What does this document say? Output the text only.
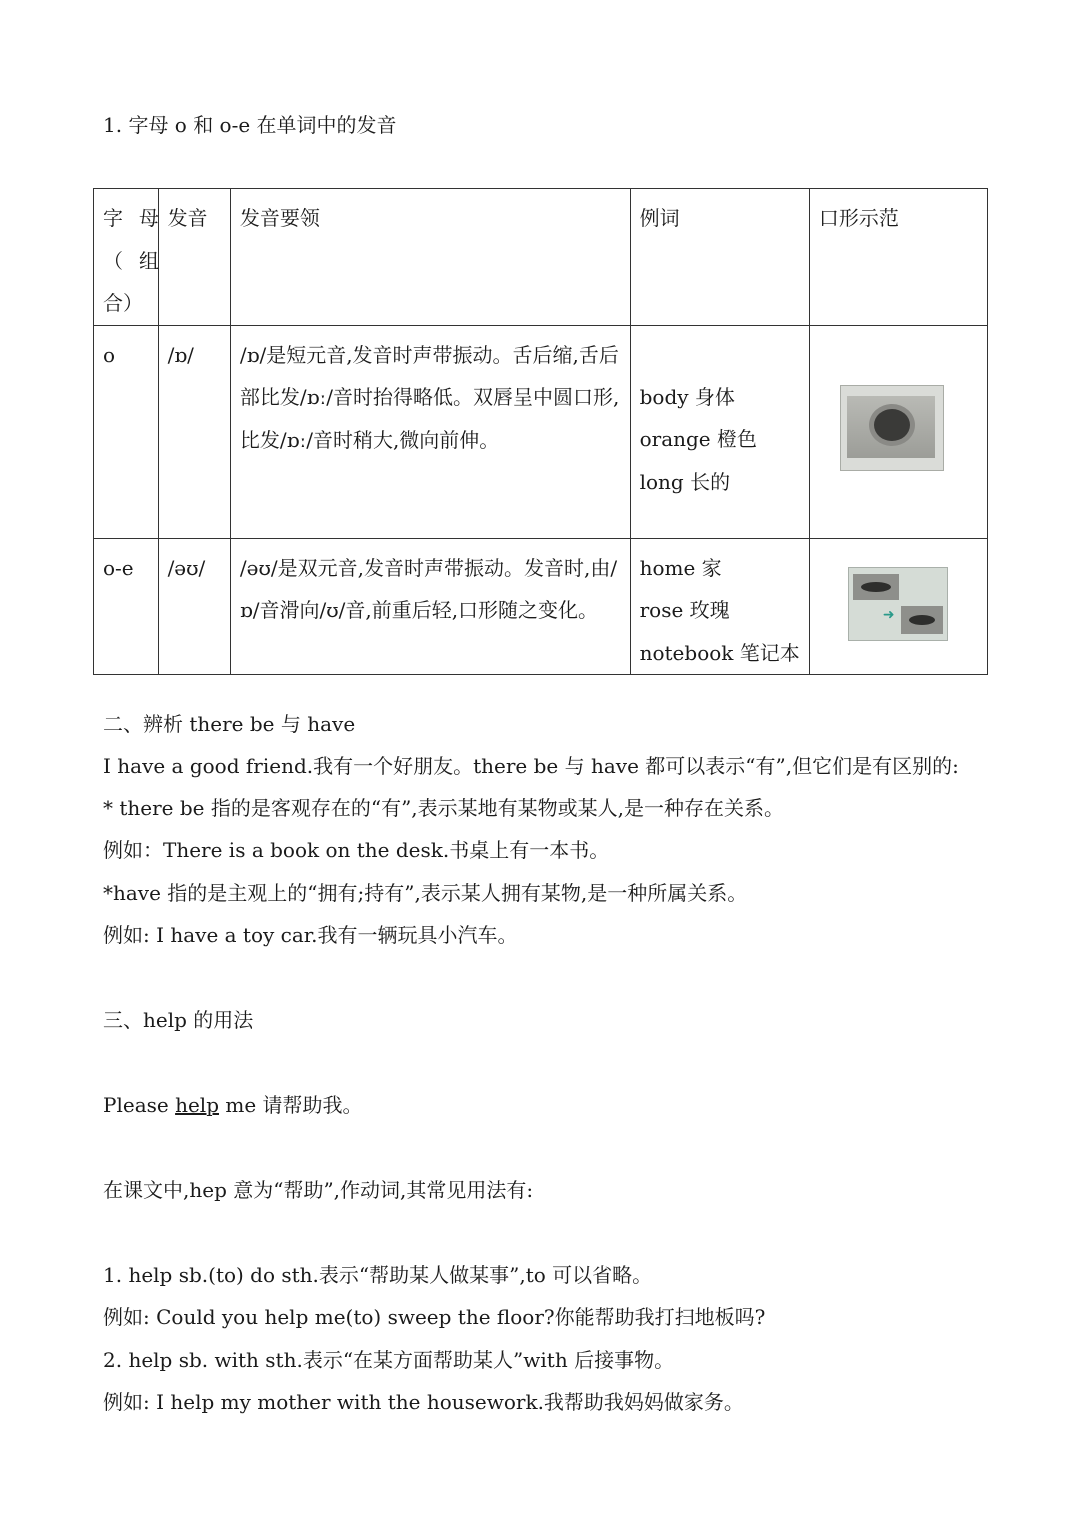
1. 字母 o 和 o-e 在单词中的发音
字 母
（ 组
合）	发音	发音要领	例词	口形示范
o	/ɒ/	/ɒ/是短元音,发音时声带振动。舌后缩,舌后部比发/ɒː/音时抬得略低。双唇呈中圆口形,比发/ɒː/音时稍大,微向前伸。	body 身体
orange 橙色
long 长的	

o-e	/əʊ/	/əʊ/是双元音,发音时声带振动。发音时,由/ɒ/音滑向/ʊ/音,前重后轻,口形随之变化。	home 家
rose 玫瑰
notebook 笔记本	➜
二、辨析 there be 与 have
I have a good friend.我有一个好朋友。there be 与 have 都可以表示“有”,但它们是有区别的:
* there be 指的是客观存在的“有”,表示某地有某物或某人,是一种存在关系。
例如：There is a book on the desk.书桌上有一本书。
*have 指的是主观上的“拥有;持有”,表示某人拥有某物,是一种所属关系。
例如: I have a toy car.我有一辆玩具小汽车。
三、help 的用法
Please help me 请帮助我。
在课文中,hep 意为“帮助”,作动词,其常见用法有:
1. help sb.(to) do sth.表示“帮助某人做某事”,to 可以省略。
例如: Could you help me(to) sweep the floor?你能帮助我打扫地板吗?
2. help sb. with sth.表示“在某方面帮助某人”with 后接事物。
例如: I help my mother with the housework.我帮助我妈妈做家务。
